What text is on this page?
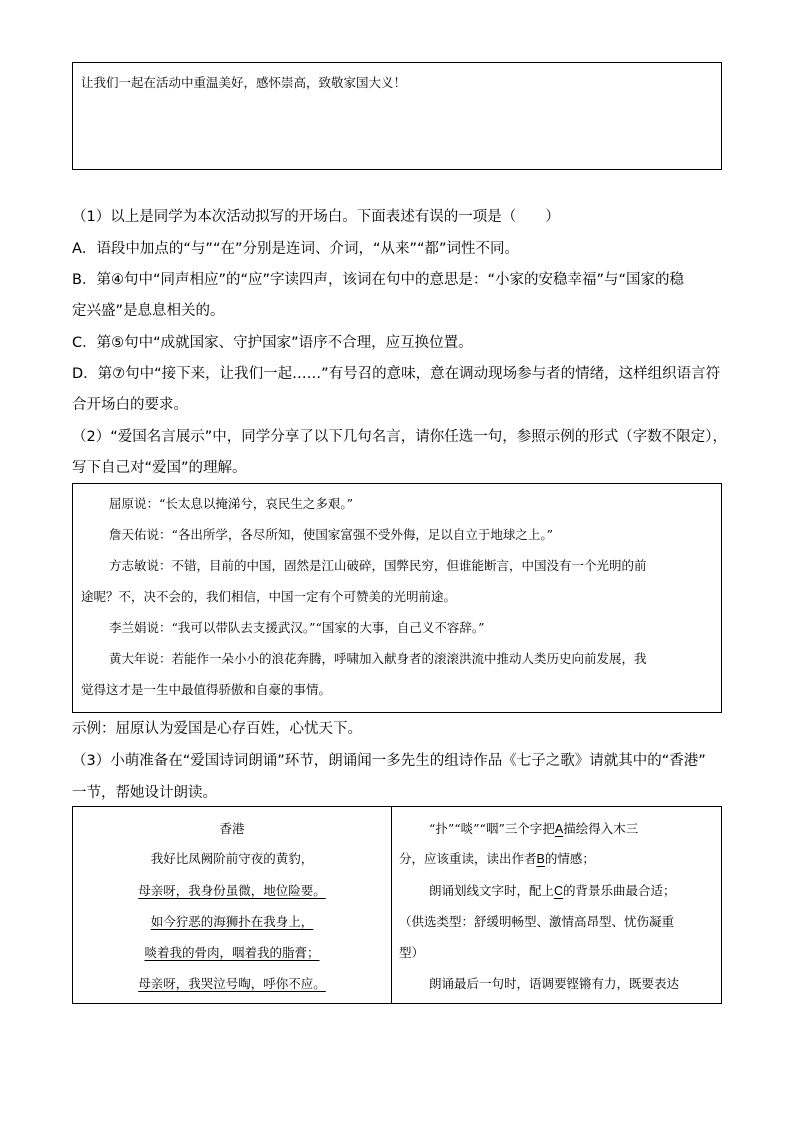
让我们一起在活动中重温美好，感怀崇高，致敬家国大义！
（1）以上是同学为本次活动拟写的开场白。下面表述有误的一项是（　　）
A．语段中加点的“与”“在”分别是连词、介词，“从来”“都”词性不同。
B．第④句中“同声相应”的“应”字读四声，该词在句中的意思是：“小家的安稳幸福”与“国家的稳
定兴盛”是息息相关的。
C．第⑤句中“成就国家、守护国家”语序不合理，应互换位置。
D．第⑦句中“接下来，让我们一起……”有号召的意味，意在调动现场参与者的情绪，这样组织语言符
合开场白的要求。
（2）“爱国名言展示”中，同学分享了以下几句名言，请你任选一句，参照示例的形式（字数不限定），
写下自己对“爱国”的理解。
屈原说：“长太息以掩涕兮，哀民生之多艰。”
詹天佑说：“各出所学，各尽所知，使国家富强不受外侮，足以自立于地球之上。”
方志敏说：不错，目前的中国，固然是江山破碎，国弊民穷，但谁能断言，中国没有一个光明的前
途呢？不，决不会的，我们相信，中国一定有个可赞美的光明前途。
李兰娟说：“我可以带队去支援武汉。”“国家的大事，自己义不容辞。”
黄大年说：若能作一朵小小的浪花奔腾，呼啸加入献身者的滚滚洪流中推动人类历史向前发展，我
觉得这才是一生中最值得骄傲和自豪的事情。
示例：屈原认为爱国是心存百姓，心忧天下。
（3）小萌准备在“爱国诗词朗诵”环节，朗诵闻一多先生的组诗作品《七子之歌》请就其中的“香港”
一节，帮她设计朗读。
香港
我好比凤阙阶前守夜的黄豹，
母亲呀，我身份虽微，地位险要。
如今狞恶的海狮扑在我身上，
啖着我的骨肉，咽着我的脂膏；
母亲呀，我哭泣号啕，呼你不应。
“扑”“啖”“咽”三个字把A描绘得入木三
分，应该重读，读出作者B的情感；
朗诵划线文字时，配上C的背景乐曲最合适；
（供选类型：舒缓明畅型、激情高昂型、忧伤凝重
型）
朗诵最后一句时，语调要铿锵有力，既要表达
